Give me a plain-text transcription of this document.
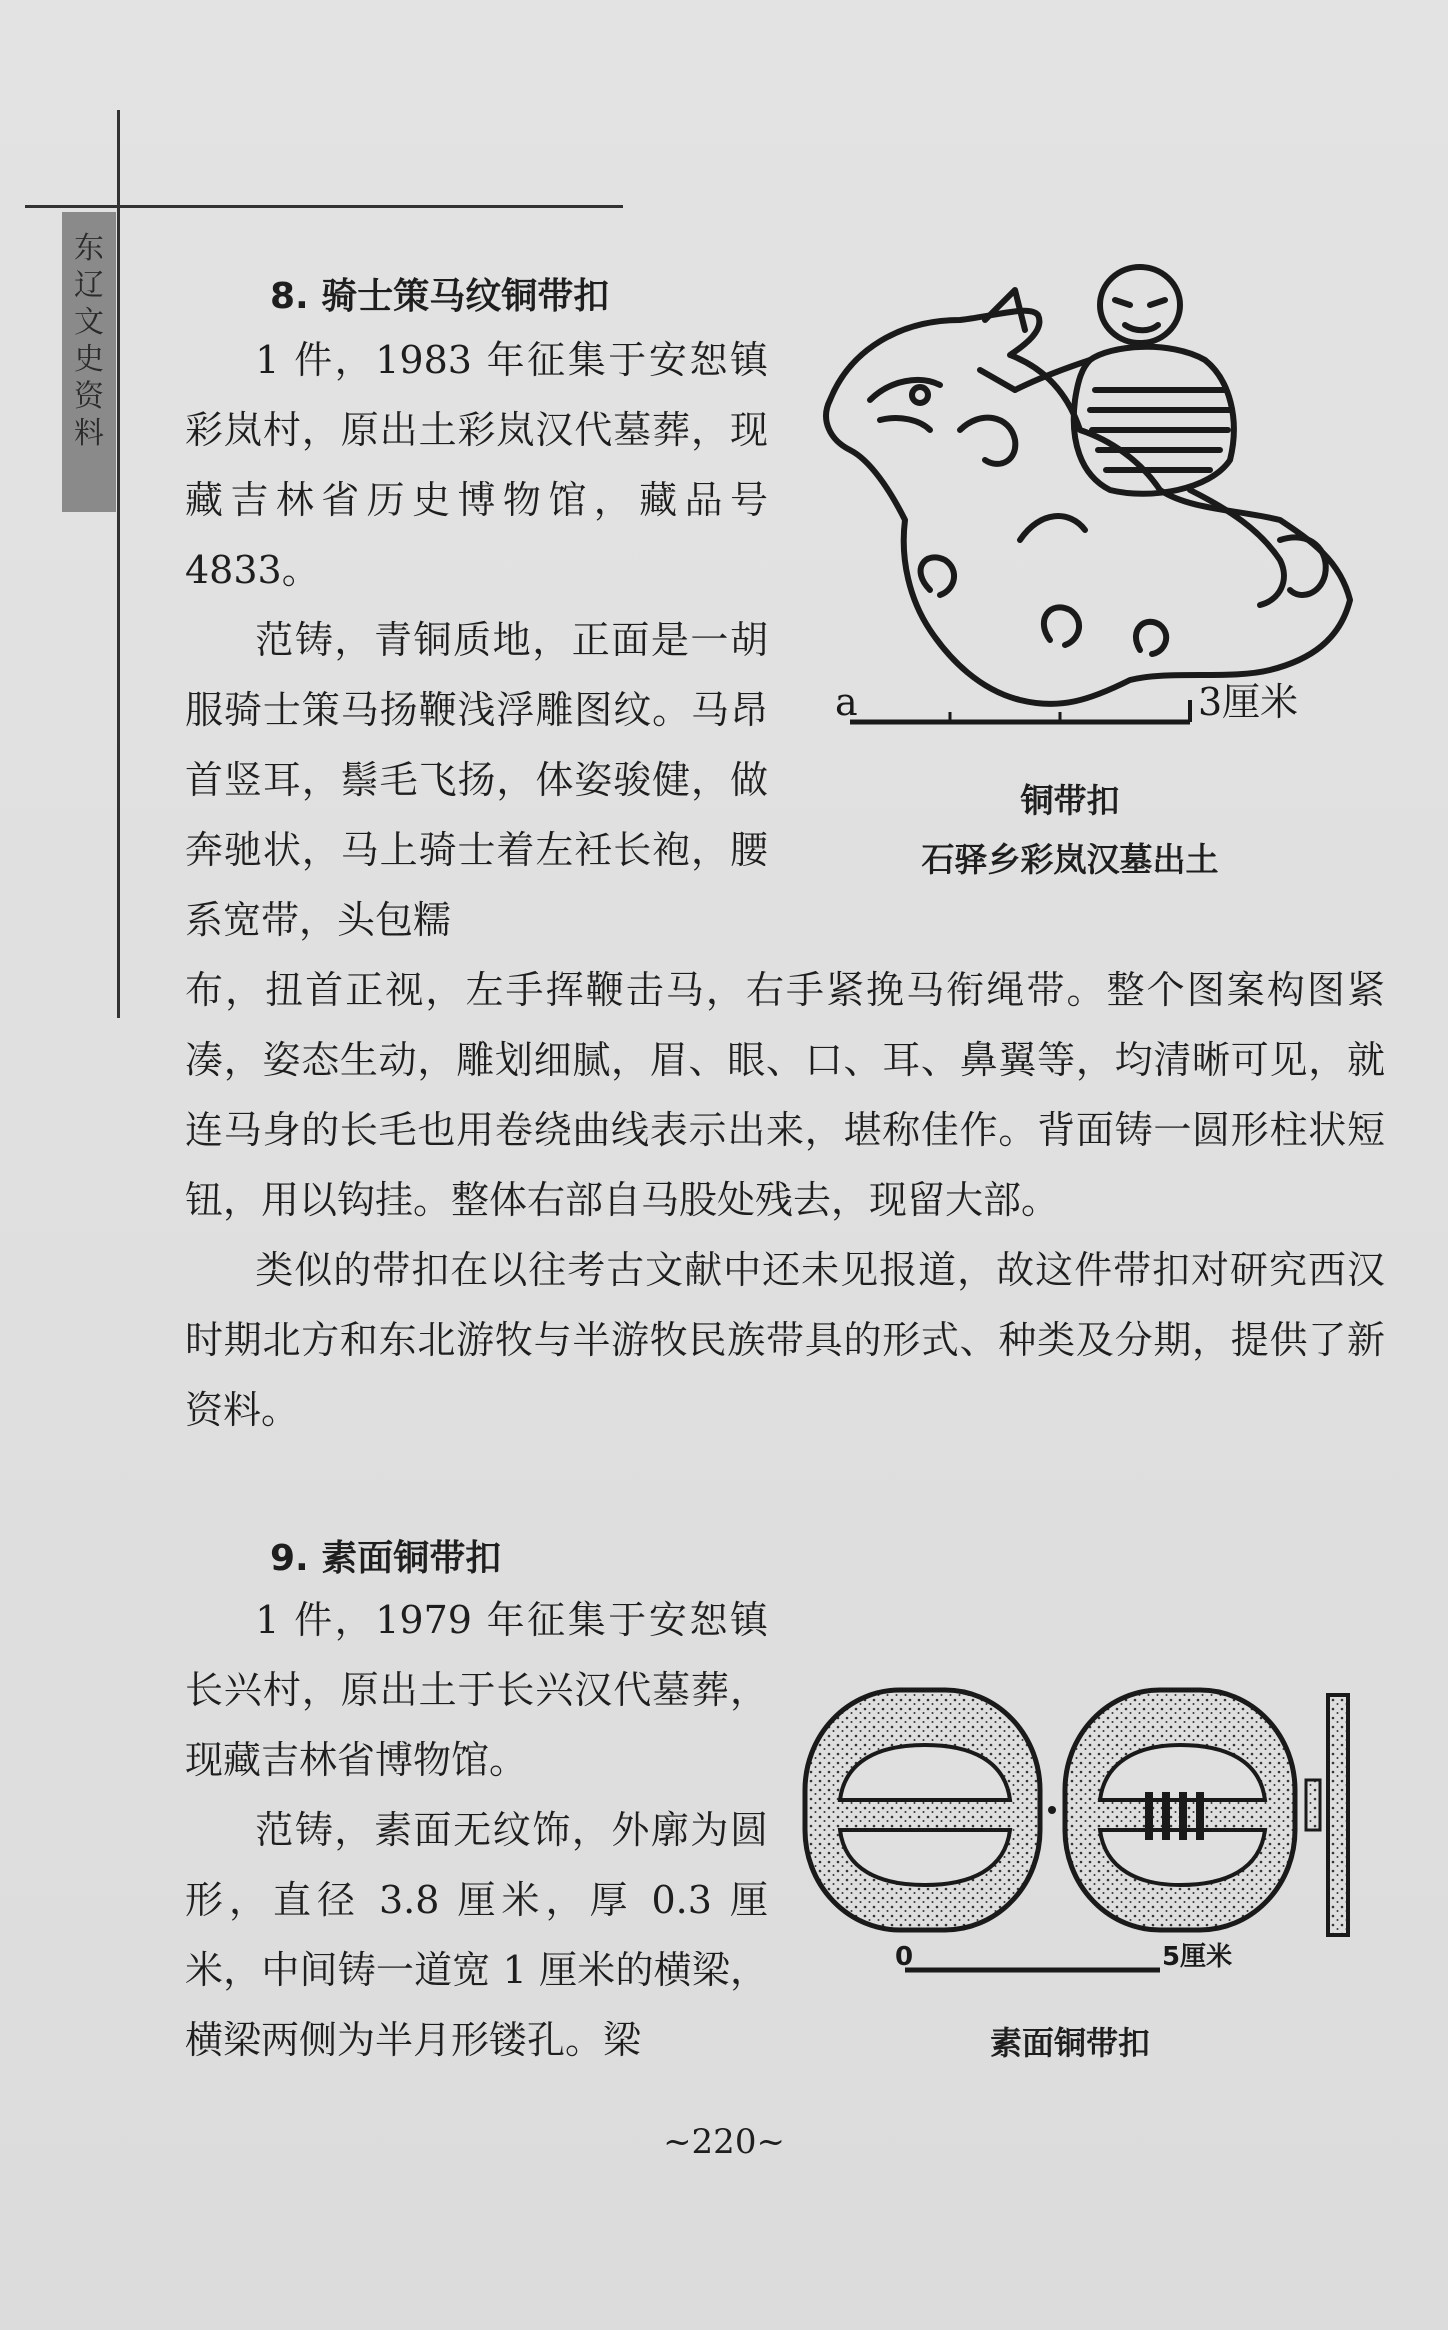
东
辽
文
史
资
料
8. 骑士策马纹铜带扣

1 件，1983 年征集于安恕镇彩岚村，原出土彩岚汉代墓葬，现藏吉林省历史博物馆，藏品号 4833。

范铸，青铜质地，正面是一胡服骑士策马扬鞭浅浮雕图纹。马昂首竖耳，鬃毛飞扬，体姿骏健，做奔驰状，马上骑士着左衽长袍，腰系宽带，头包糯

布，扭首正视，左手挥鞭击马，右手紧挽马衔绳带。整个图案构图紧凑，姿态生动，雕划细腻，眉、眼、口、耳、鼻翼等，均清晰可见，就连马身的长毛也用卷绕曲线表示出来，堪称佳作。背面铸一圆形柱状短钮，用以钩挂。整体右部自马股处残去，现留大部。

类似的带扣在以往考古文献中还未见报道，故这件带扣对研究西汉时期北方和东北游牧与半游牧民族带具的形式、种类及分期，提供了新资料。

a	3厘米
铜带扣
石驿乡彩岚汉墓出土
9. 素面铜带扣

1 件，1979 年征集于安恕镇长兴村，原出土于长兴汉代墓葬，现藏吉林省博物馆。

范铸，素面无纹饰，外廓为圆形，直径 3.8 厘米，厚 0.3 厘米，中间铸一道宽 1 厘米的横梁，横梁两侧为半月形镂孔。梁

0	5厘米
素面铜带扣
~220~
